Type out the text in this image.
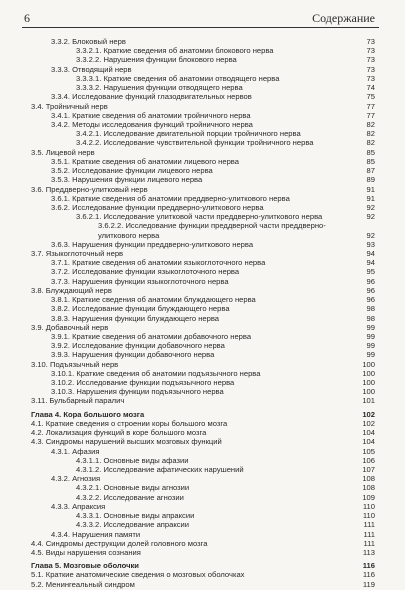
6	Содержание
3.3.2. Блоковый нерв	73
3.3.2.1. Краткие сведения об анатомии блокового нерва	73
3.3.2.2. Нарушения функции блокового нерва	73
3.3.3. Отводящий нерв	73
3.3.3.1. Краткие сведения об анатомии отводящего нерва	73
3.3.3.2. Нарушения функции отводящего нерва	74
3.3.4. Исследование функций глазодвигательных нервов	75
3.4. Тройничный нерв	77
3.4.1. Краткие сведения об анатомии тройничного нерва	77
3.4.2. Методы исследования функций тройничного нерва	82
3.4.2.1. Исследование двигательной порции тройничного нерва	82
3.4.2.2. Исследование чувствительной функции тройничного нерва	82
3.5. Лицевой нерв	85
3.5.1. Краткие сведения об анатомии лицевого нерва	85
3.5.2. Исследование функции лицевого нерва	87
3.5.3. Нарушения функции лицевого нерва	89
3.6. Преддверно-улитковый нерв	91
3.6.1. Краткие сведения об анатомии преддверно-улиткового нерва	91
3.6.2. Исследование функции преддверно-улиткового нерва	92
3.6.2.1. Исследование улитковой части преддверно-улиткового нерва	92
3.6.2.2. Исследование функции преддверной части преддверно-улиткового нерва	92
3.6.3. Нарушения функции преддверно-улиткового нерва	93
3.7. Языкоглоточный нерв	94
3.7.1. Краткие сведения об анатомии языкоглоточного нерва	94
3.7.2. Исследование функции языкоглоточного нерва	95
3.7.3. Нарушения функции языкоглоточного нерва	96
3.8. Блуждающий нерв	96
3.8.1. Краткие сведения об анатомии блуждающего нерва	96
3.8.2. Исследование функции блуждающего нерва	98
3.8.3. Нарушения функции блуждающего нерва	98
3.9. Добавочный нерв	99
3.9.1. Краткие сведения об анатомии добавочного нерва	99
3.9.2. Исследование функции добавочного нерва	99
3.9.3. Нарушения функции добавочного нерва	99
3.10. Подъязычный нерв	100
3.10.1. Краткие сведения об анатомии подъязычного нерва	100
3.10.2. Исследование функции подъязычного нерва	100
3.10.3. Нарушения функции подъязычного нерва	100
3.11. Бульбарный паралич	101
Глава 4. Кора большого мозга	102
4.1. Краткие сведения о строении коры большого мозга	102
4.2. Локализация функций в коре большого мозга	104
4.3. Синдромы нарушений высших мозговых функций	104
4.3.1. Афазия	105
4.3.1.1. Основные виды афазии	106
4.3.1.2. Исследование афатических нарушений	107
4.3.2. Агнозия	108
4.3.2.1. Основные виды агнозии	108
4.3.2.2. Исследование агнозии	109
4.3.3. Апраксия	110
4.3.3.1. Основные виды апраксии	110
4.3.3.2. Исследование апраксии	111
4.3.4. Нарушения памяти	111
4.4. Синдромы деструкции долей головного мозга	111
4.5. Виды нарушения сознания	113
Глава 5. Мозговые оболочки	116
5.1. Краткие анатомические сведения о мозговых оболочках	116
5.2. Менингеальный синдром	119
